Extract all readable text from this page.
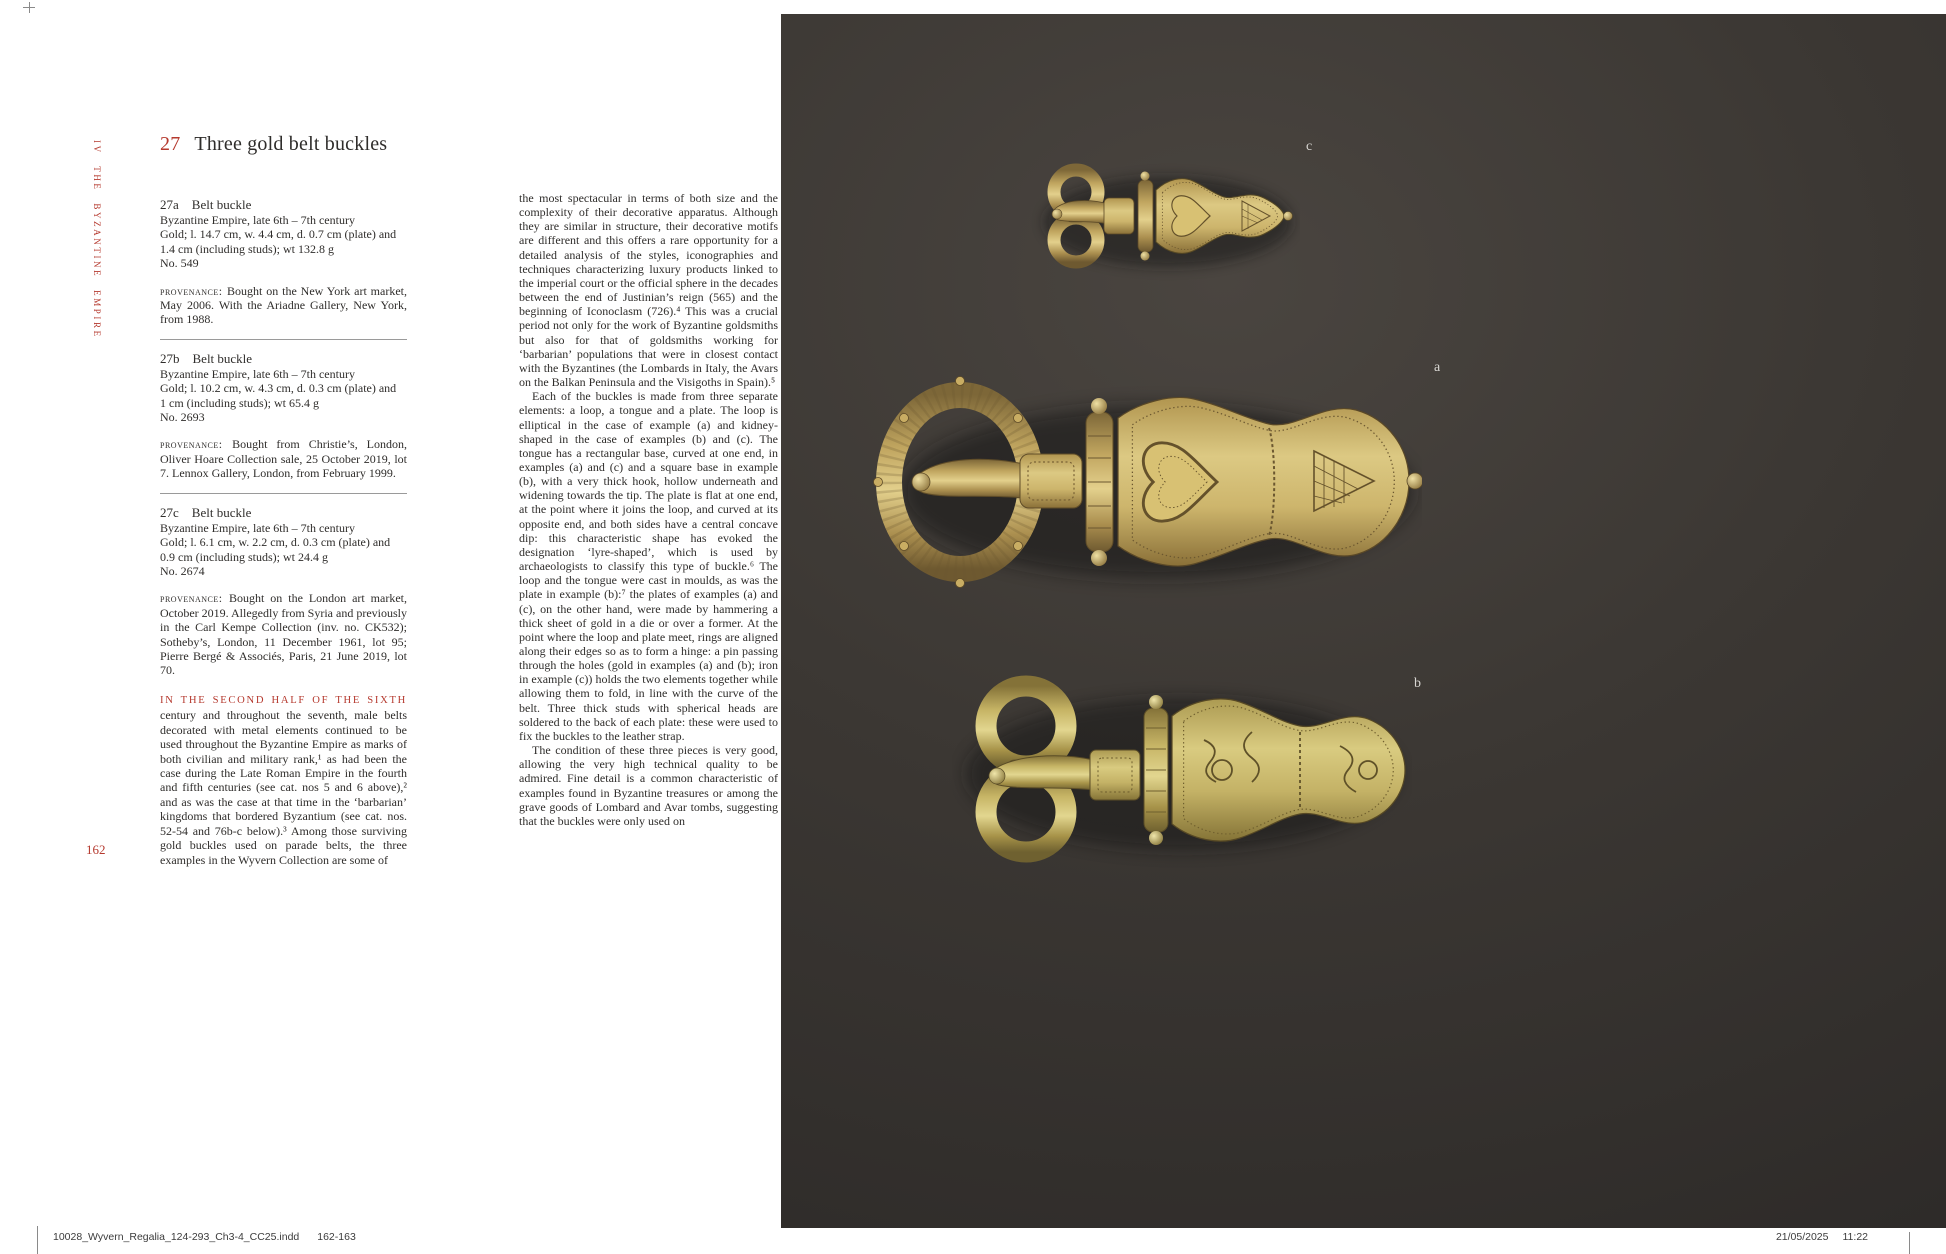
IV THE BYZANTINE EMPIRE
162
27 Three gold belt buckles
27a Belt buckle
Byzantine Empire, late 6th – 7th century
Gold; l. 14.7 cm, w. 4.4 cm, d. 0.7 cm (plate) and
1.4 cm (including studs); wt 132.8 g
No. 549

provenance: Bought on the New York art market, May 2006. With the Ariadne Gallery, New York, from 1988.

27b Belt buckle
Byzantine Empire, late 6th – 7th century
Gold; l. 10.2 cm, w. 4.3 cm, d. 0.3 cm (plate) and
1 cm (including studs); wt 65.4 g
No. 2693

provenance: Bought from Christie’s, London, Oliver Hoare Collection sale, 25 October 2019, lot 7. Lennox Gallery, London, from February 1999.

27c Belt buckle
Byzantine Empire, late 6th – 7th century
Gold; l. 6.1 cm, w. 2.2 cm, d. 0.3 cm (plate) and
0.9 cm (including studs); wt 24.4 g
No. 2674

provenance: Bought on the London art market, October 2019. Allegedly from Syria and previously in the Carl Kempe Collection (inv. no. CK532); Sotheby’s, London, 11 December 1961, lot 95; Pierre Bergé & Associés, Paris, 21 June 2019, lot 70.

IN THE SECOND HALF OF THE SIXTH century and throughout the seventh, male belts decorated with metal elements continued to be used throughout the Byzantine Empire as marks of both civilian and military rank,¹ as had been the case during the Late Roman Empire in the fourth and fifth centuries (see cat. nos 5 and 6 above),² and as was the case at that time in the ‘barbarian’ kingdoms that bordered Byzantium (see cat. nos. 52-54 and 76b-c below).³ Among those surviving gold buckles used on parade belts, the three examples in the Wyvern Collection are some of

the most spectacular in terms of both size and the complexity of their decorative apparatus. Although they are similar in structure, their decorative motifs are different and this offers a rare opportunity for a detailed analysis of the styles, iconographies and techniques characterizing luxury products linked to the imperial court or the official sphere in the decades between the end of Justinian’s reign (565) and the beginning of Iconoclasm (726).⁴ This was a crucial period not only for the work of Byzantine goldsmiths but also for that of goldsmiths working for ‘barbarian’ populations that were in closest contact with the Byzantines (the Lombards in Italy, the Avars on the Balkan Peninsula and the Visigoths in Spain).⁵

Each of the buckles is made from three separate elements: a loop, a tongue and a plate. The loop is elliptical in the case of example (a) and kidney-shaped in the case of examples (b) and (c). The tongue has a rectangular base, curved at one end, in examples (a) and (c) and a square base in example (b), with a very thick hook, hollow underneath and widening towards the tip. The plate is flat at one end, at the point where it joins the loop, and curved at its opposite end, and both sides have a central concave dip: this characteristic shape has evoked the designation ‘lyre-shaped’, which is used by archaeologists to classify this type of buckle.⁶ The loop and the tongue were cast in moulds, as was the plate in example (b):⁷ the plates of examples (a) and (c), on the other hand, were made by hammering a thick sheet of gold in a die or over a former. At the point where the loop and plate meet, rings are aligned along their edges so as to form a hinge: a pin passing through the holes (gold in examples (a) and (b); iron in example (c)) holds the two elements together while allowing them to fold, in line with the curve of the belt. Three thick studs with spherical heads are soldered to the back of each plate: these were used to fix the buckles to the leather strap.

The condition of these three pieces is very good, allowing the very high technical quality to be admired. Fine detail is a common characteristic of examples found in Byzantine treasures or among the grave goods of Lombard and Avar tombs, suggesting that the buckles were only used on

c
a
b
10028_Wyvern_Regalia_124-293_Ch3-4_CC25.indd 162-163	21/05/2025 11:22
